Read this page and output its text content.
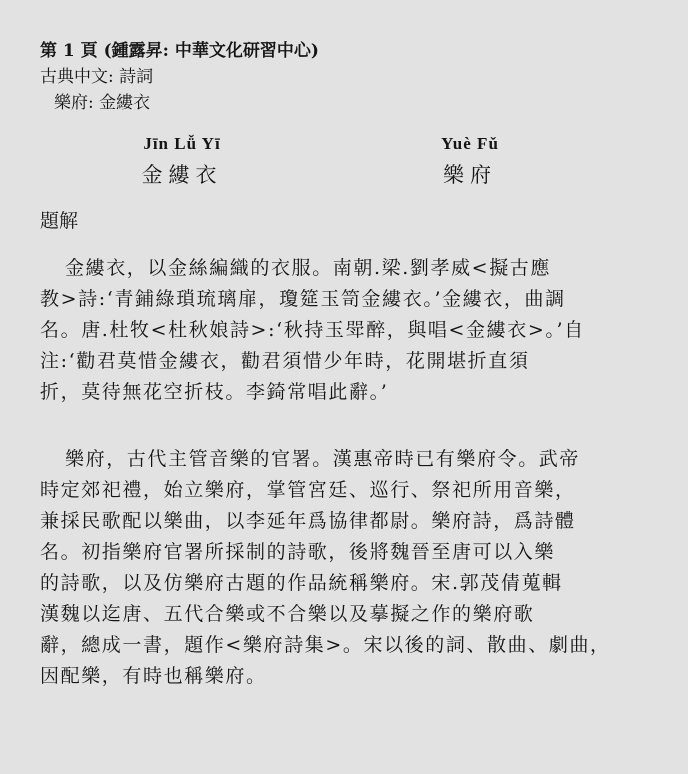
第 1 頁 (鍾露昇: 中華文化研習中心)
古典中文: 詩詞
樂府: 金縷衣
Jīn Lǚ Yī
金縷衣
Yuè Fǔ
樂府
題解
金縷衣，以金絲編織的衣服。南朝.梁.劉孝威<擬古應
教>詩:‘青鋪綠瑣琉璃扉，瓊筵玉笥金縷衣。’金縷衣，曲調
名。唐.杜牧<杜秋娘詩>:‘秋持玉斝醉，與唱<金縷衣>。’自
注:‘勸君莫惜金縷衣，勸君須惜少年時，花開堪折直須
折，莫待無花空折枝。李錡常唱此辭。’
樂府，古代主管音樂的官署。漢惠帝時已有樂府令。武帝
時定郊祀禮，始立樂府，掌管宮廷、巡行、祭祀所用音樂，
兼採民歌配以樂曲，以李延年爲協律都尉。樂府詩，爲詩體
名。初指樂府官署所採制的詩歌，後將魏晉至唐可以入樂
的詩歌，以及仿樂府古題的作品統稱樂府。宋.郭茂倩蒐輯
漢魏以迄唐、五代合樂或不合樂以及摹擬之作的樂府歌
辭，總成一書，題作<樂府詩集>。宋以後的詞、散曲、劇曲，
因配樂，有時也稱樂府。
